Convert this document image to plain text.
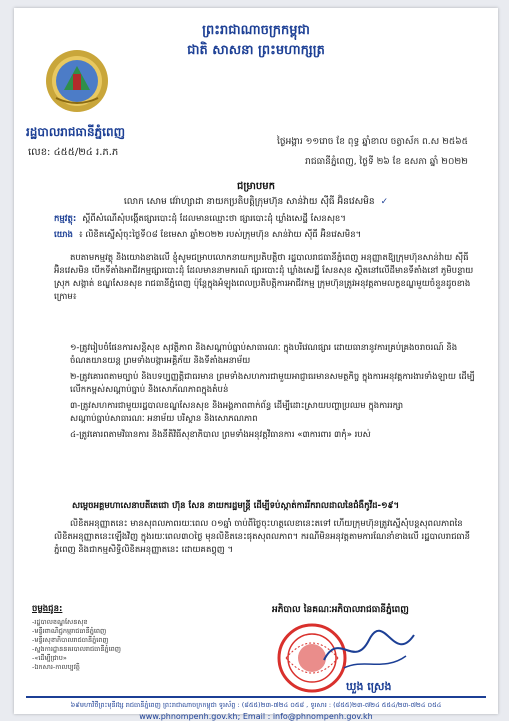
ព្រះរាជាណាចក្រកម្ពុជា
ជាតិ សាសនា ព្រះមហាក្សត្រ
រដ្ឋបាលរាជធានីភ្នំពេញ
លេខ: ៤៥៥/២៤ រ.ភ.ភ
ថ្ងៃអង្គារ ១១រោច ខែ ពុទ្ធ ឆ្នាំខាល ចត្វាស័ក ព.ស ២៥៦៥
រាជធានីភ្នំពេញ, ថ្ងៃទី ២៦ ខែ ឧសភា ឆ្នាំ ២០២២
ជម្រាបមក
លោក សោម វេរ៉ាហ្សាដា នាយកប្រតិបត្តិក្រុមហ៊ុន សាន់វ៉ាយ ស៊ីធី អ៊ិនវេសមិន ✓
កម្មវត្ថុ: ស្តីពីសំណើសុំបង្កើតផ្សារបោះដុំ ដែលមានឈ្មោះថា ផ្សារបោះដុំ ឃ្លាំងសេដ្ឋី សែនសុខ។
យោង ៖ លិខិតស្នើសុំចុះថ្ងៃទី០៨ ខែមេសា ឆ្នាំ២០២២ របស់ក្រុមហ៊ុន សាន់វ៉ាយ ស៊ីធី អ៊ិនវេសមិន។
តបតាមកម្មវត្ថុ និងយោងខាងលើ ខ្ញុំសូមជម្រាបលោកនាយកប្រតិបត្តិថា រដ្ឋបាលរាជធានីភ្នំពេញ អនុញ្ញាតឱ្យក្រុមហ៊ុនសាន់វ៉ាយ ស៊ីធី អ៊ិនវេសមិន បើកទីតាំងអាជីវកម្មផ្សារបោះដុំ ដែលមាននាមករណ៍ ផ្សារបោះដុំ ឃ្លាំងសេដ្ឋី សែនសុខ ស្ថិតនៅលើដីមានទីតាំងនៅ ភូមិបន្ទាយ ស្រុក សង្កាត់ ខណ្ឌសែនសុខ រាជធានីភ្នំពេញ ប៉ុន្តែក្នុងអំឡុងពេលប្រតិបត្តិការអាជីវកម្ម ក្រុមហ៊ុនត្រូវអនុវត្តតាមលក្ខខណ្ឌមួយចំនួនដូចខាងក្រោម៖
១-ត្រូវរៀបចំផែនការសន្តិសុខ សុវត្ថិភាព និងសណ្តាប់ធ្នាប់សាធារណៈ ក្នុងបរិវេណផ្សារ ដោយធានានូវការគ្រប់គ្រងចរាចរណ៍ និងចំណតយានយន្ត ព្រមទាំងបង្ការអគ្គិភ័យ និងទីតាំងអនាម័យ
២-ត្រូវគោរពតាមច្បាប់ និងបទប្បញ្ញត្តិជាធរមាន ព្រមទាំងសហការជាមួយអាជ្ញាធរមានសមត្ថកិច្ច ក្នុងការអនុវត្តការងារទាំងឡាយ ដើម្បីលើកកម្ពស់សណ្តាប់ធ្នាប់ និងសោភ័ណភាពក្នុងតំបន់
៣-ត្រូវសហការជាមួយរដ្ឋបាលខណ្ឌសែនសុខ និងអង្គភាពពាក់ព័ន្ធ ដើម្បីដោះស្រាយបញ្ហាប្រឈម ក្នុងការរក្សាសណ្តាប់ធ្នាប់សាធារណៈ អនាម័យ បរិស្ថាន និងសោភណភាព
៤-ត្រូវគោរពតាមវិធានការ និងនីតិវិធីសុខាភិបាល ព្រមទាំងអនុវត្តវិធានការ «៣ការពារ ៣កុំ» របស់
សម្តេចអគ្គមហាសេនាបតីតេជោ ហ៊ុន សែន នាយករដ្ឋមន្ត្រី ដើម្បីទប់ស្កាត់ការរីករាលដាលនៃជំងឺកូវីដ-១៩។
លិខិតអនុញ្ញាតនេះ មានសុពលភាពរយៈពេល ០១ឆ្នាំ ចាប់ពីថ្ងៃចុះហត្ថលេខានេះតទៅ ហើយក្រុមហ៊ុនត្រូវស្នើសុំបន្តសុពលភាពនៃលិខិតអនុញ្ញាតនេះឡើងវិញ ក្នុងរយៈពេល៣០ថ្ងៃ មុនលិខិតនេះផុតសុពលភាព។ ករណីមិនអនុវត្តតាមការណែនាំខាងលើ រដ្ឋបាលរាជធានីភ្នំពេញ និងជាកម្មសិទ្ធិលិខិតអនុញ្ញាតនេះ ដោយគតព្វុញ ។
ចម្លងជូន:
-រដ្ឋបាលខណ្ឌសែនសុខ
-មន្ទីរពាណិជ្ជកម្មរាជធានីភ្នំពេញ
-មន្ទីរសុខាភិបាលរាជធានីភ្នំពេញ
-ស្នងការដ្ឋាននគរបាលរាជធានីភ្នំពេញ
-«ដើម្បីជ្រាប»
-ឯកសារ-កាលប្បវត្តិ
អភិបាល នៃគណៈអភិបាលរាជធានីភ្នំពេញ
ឃួង ស្រេង
៦៩មហាវិថីព្រះមុនីវង្ស រាជធានីភ្នំពេញ ព្រះរាជាណាចក្រកម្ពុជា ទូរស័ព្ទ : (៨៥៥)២៣-៧២៤ ០៥៨ , ទូរសារ : (៨៥៥)២៣-៧២៤ ៥៥៤/២៣-៧២៤ ០៥៤
www.phnompenh.gov.kh; Email : info@phnompenh.gov.kh
